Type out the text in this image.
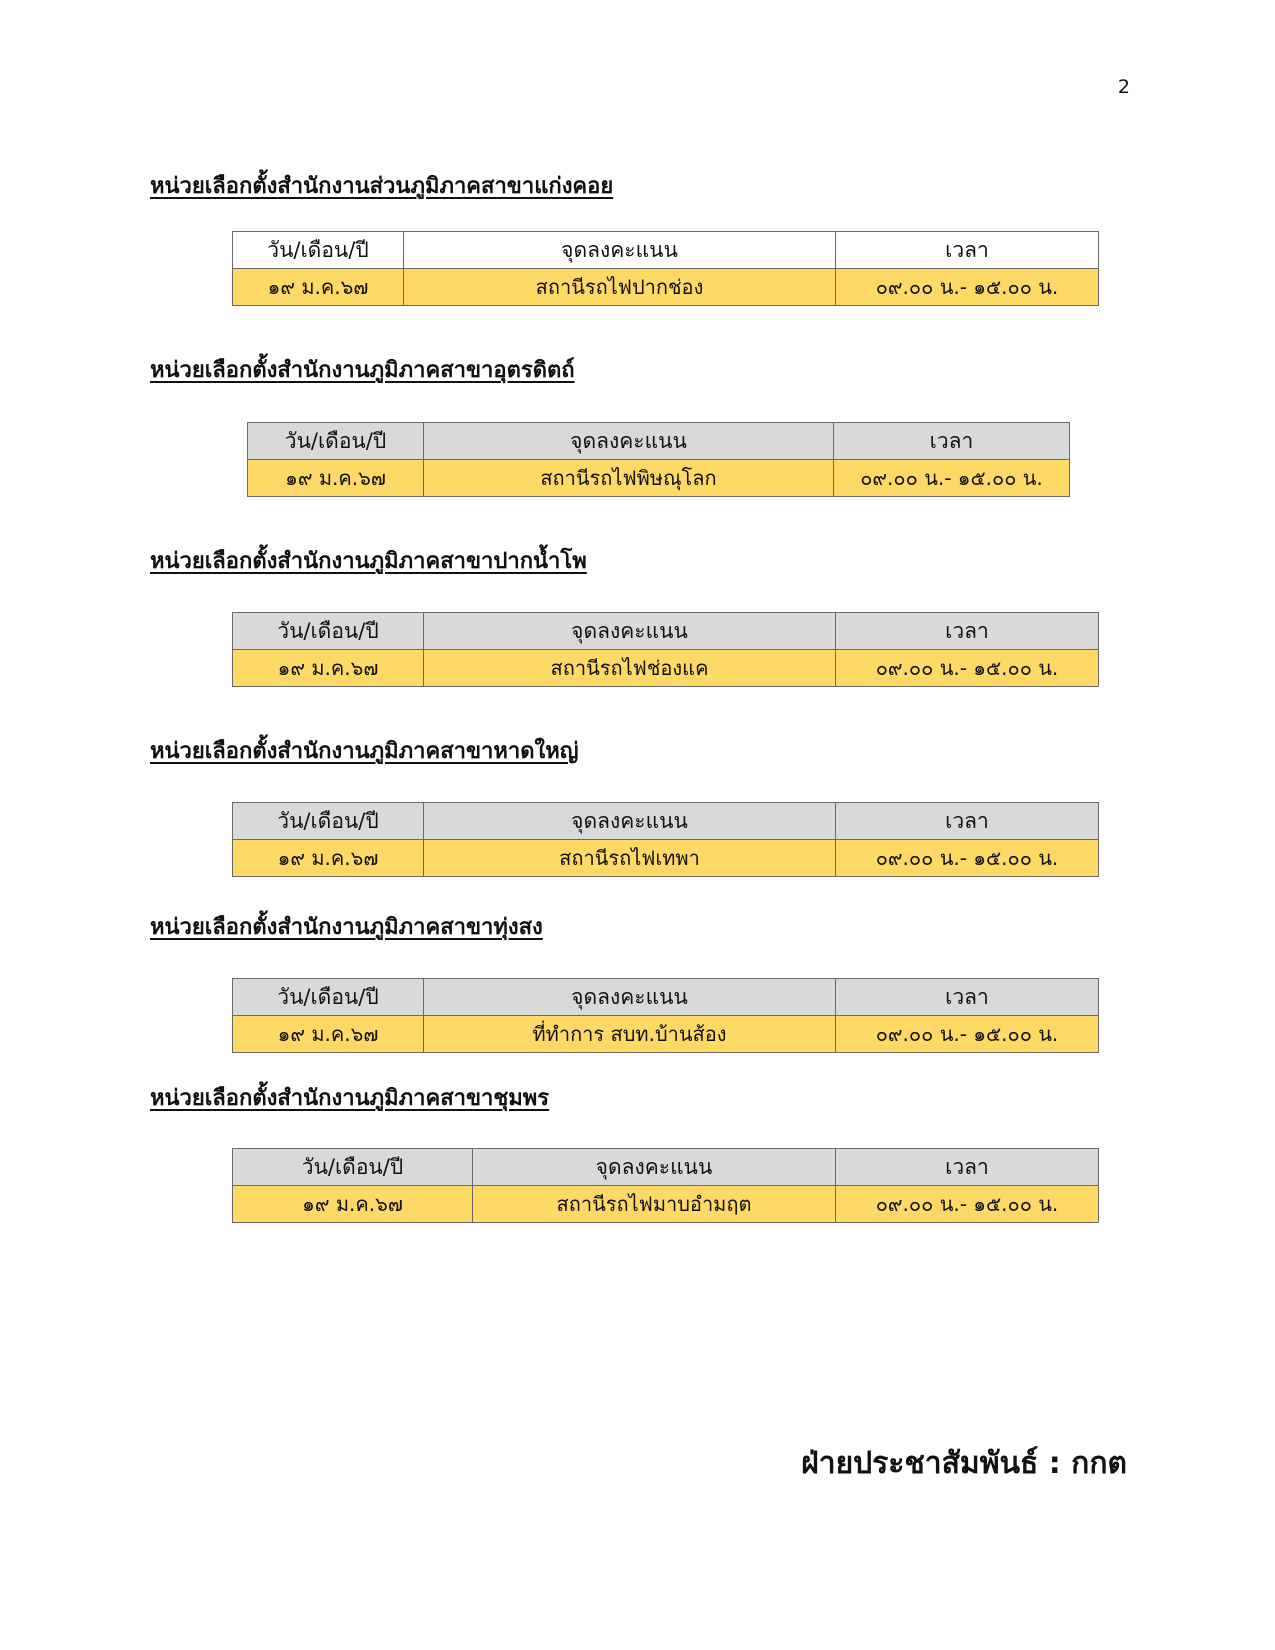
2
หน่วยเลือกตั้งสำนักงานส่วนภูมิภาคสาขาแก่งคอย
วัน/เดือน/ปี	จุดลงคะแนน	เวลา
๑๙ ม.ค.๖๗	สถานีรถไฟปากช่อง	๐๙.๐๐ น.- ๑๕.๐๐ น.
หน่วยเลือกตั้งสำนักงานภูมิภาคสาขาอุตรดิตถ์
วัน/เดือน/ปี	จุดลงคะแนน	เวลา
๑๙ ม.ค.๖๗	สถานีรถไฟพิษณุโลก	๐๙.๐๐ น.- ๑๕.๐๐ น.
หน่วยเลือกตั้งสำนักงานภูมิภาคสาขาปากน้ำโพ
วัน/เดือน/ปี	จุดลงคะแนน	เวลา
๑๙ ม.ค.๖๗	สถานีรถไฟช่องแค	๐๙.๐๐ น.- ๑๕.๐๐ น.
หน่วยเลือกตั้งสำนักงานภูมิภาคสาขาหาดใหญ่
วัน/เดือน/ปี	จุดลงคะแนน	เวลา
๑๙ ม.ค.๖๗	สถานีรถไฟเทพา	๐๙.๐๐ น.- ๑๕.๐๐ น.
หน่วยเลือกตั้งสำนักงานภูมิภาคสาขาทุ่งสง
วัน/เดือน/ปี	จุดลงคะแนน	เวลา
๑๙ ม.ค.๖๗	ที่ทำการ สบท.บ้านส้อง	๐๙.๐๐ น.- ๑๕.๐๐ น.
หน่วยเลือกตั้งสำนักงานภูมิภาคสาขาชุมพร
วัน/เดือน/ปี	จุดลงคะแนน	เวลา
๑๙ ม.ค.๖๗	สถานีรถไฟมาบอำมฤต	๐๙.๐๐ น.- ๑๕.๐๐ น.
ฝ่ายประชาสัมพันธ์ : กกต
